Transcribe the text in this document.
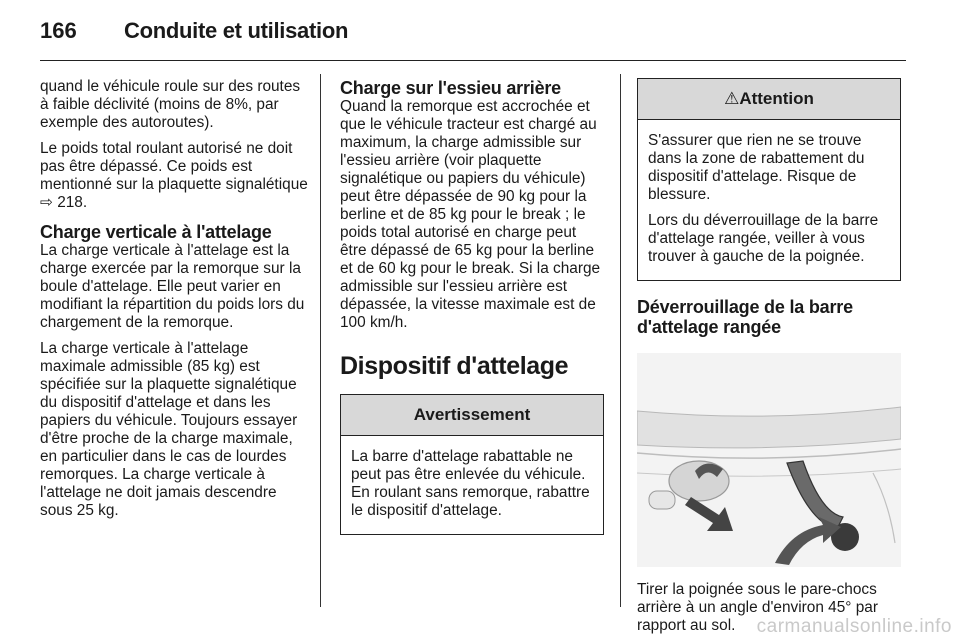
166 Conduite et utilisation

quand le véhicule roule sur des routes à faible déclivité (moins de 8%, par exemple des autoroutes).

Le poids total roulant autorisé ne doit pas être dépassé. Ce poids est mentionné sur la plaquette signalétique ⇨ 218.

Charge verticale à l'attelage

La charge verticale à l'attelage est la charge exercée par la remorque sur la boule d'attelage. Elle peut varier en modifiant la répartition du poids lors du chargement de la remorque.

La charge verticale à l'attelage maximale admissible (85 kg) est spécifiée sur la plaquette signalétique du dispositif d'attelage et dans les papiers du véhicule. Toujours essayer d'être proche de la charge maximale, en particulier dans le cas de lourdes remorques. La charge verticale à l'attelage ne doit jamais descendre sous 25 kg.

Charge sur l'essieu arrière

Quand la remorque est accrochée et que le véhicule tracteur est chargé au maximum, la charge admissible sur l'essieu arrière (voir plaquette signalétique ou papiers du véhicule) peut être dépassée de 90 kg pour la berline et de 85 kg pour le break ; le poids total autorisé en charge peut être dépassé de 65 kg pour la berline et de 60 kg pour le break. Si la charge admissible sur l'essieu arrière est dépassée, la vitesse maximale est de 100 km/h.

Dispositif d'attelage
Avertissement

La barre d'attelage rabattable ne peut pas être enlevée du véhicule. En roulant sans remorque, rabattre le dispositif d'attelage.

⚠Attention

S'assurer que rien ne se trouve dans la zone de rabattement du dispositif d'attelage. Risque de blessure.

Lors du déverrouillage de la barre d'attelage rangée, veiller à vous trouver à gauche de la poignée.

Déverrouillage de la barre d'attelage rangée

Tirer la poignée sous le pare-chocs arrière à un angle d'environ 45° par rapport au sol.	carmanualsonline.info
